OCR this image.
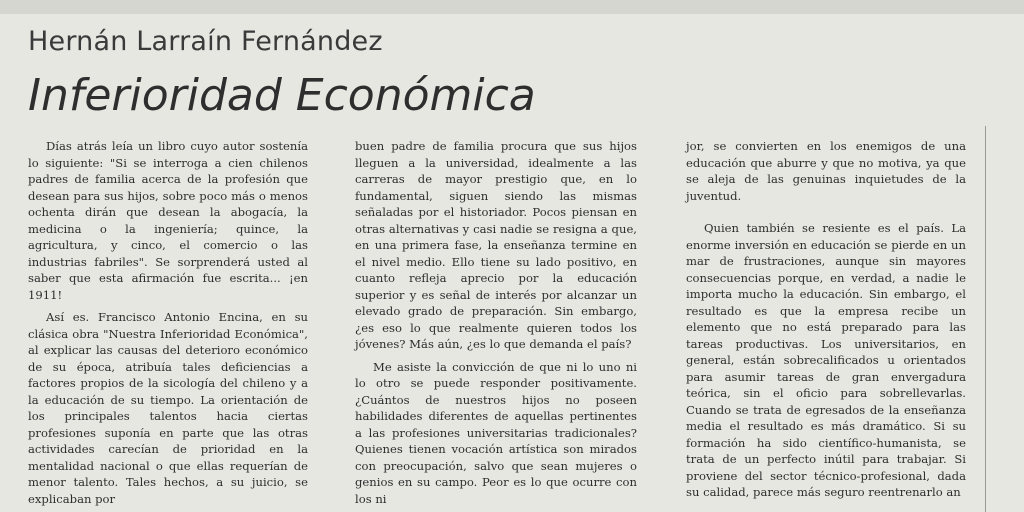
Hernán Larraín Fernández
Inferioridad Económica

Días atrás leía un libro cuyo autor sostenía lo siguiente: "Si se interroga a cien chilenos padres de familia acerca de la profesión que desean para sus hijos, sobre poco más o menos ochenta dirán que desean la abogacía, la medicina o la ingeniería; quince, la agricultura, y cinco, el comercio o las industrias fabriles". Se sorprenderá usted al saber que esta afirmación fue escrita... ¡en 1911!

Así es. Francisco Antonio Encina, en su clásica obra "Nuestra Inferioridad Económica", al explicar las causas del deterioro económico de su época, atribuía tales deficiencias a factores propios de la sicología del chileno y a la educación de su tiempo. La orientación de los principales talentos hacia ciertas profesiones suponía en parte que las otras actividades carecían de prioridad en la mentalidad nacional o que ellas requerían de menor talento. Tales hechos, a su juicio, se explicaban por

buen padre de familia procura que sus hijos lleguen a la universidad, idealmente a las carreras de mayor prestigio que, en lo fundamental, siguen siendo las mismas señaladas por el historiador. Pocos piensan en otras alternativas y casi nadie se resigna a que, en una primera fase, la enseñanza termine en el nivel medio. Ello tiene su lado positivo, en cuanto refleja aprecio por la educación superior y es señal de interés por alcanzar un elevado grado de preparación. Sin embargo, ¿es eso lo que realmente quieren todos los jóvenes? Más aún, ¿es lo que demanda el país?

Me asiste la convicción de que ni lo uno ni lo otro se puede responder positivamente. ¿Cuántos de nuestros hijos no poseen habilidades diferentes de aquellas pertinentes a las profesiones universitarias tradicionales? Quienes tienen vocación artística son mirados con preocupación, salvo que sean mujeres o genios en su campo. Peor es lo que ocurre con los ni

jor, se convierten en los enemigos de una educación que aburre y que no motiva, ya que se aleja de las genuinas inquietudes de la juventud.

Quien también se resiente es el país. La enorme inversión en educación se pierde en un mar de frustraciones, aunque sin mayores consecuencias porque, en verdad, a nadie le importa mucho la educación. Sin embargo, el resultado es que la empresa recibe un elemento que no está preparado para las tareas productivas. Los universitarios, en general, están sobrecalificados u orientados para asumir tareas de gran envergadura teórica, sin el oficio para sobrellevarlas. Cuando se trata de egresados de la enseñanza media el resultado es más dramático. Si su formación ha sido científico-humanista, se trata de un perfecto inútil para trabajar. Si proviene del sector técnico-profesional, dada su calidad, parece más seguro reentrenarlo an
